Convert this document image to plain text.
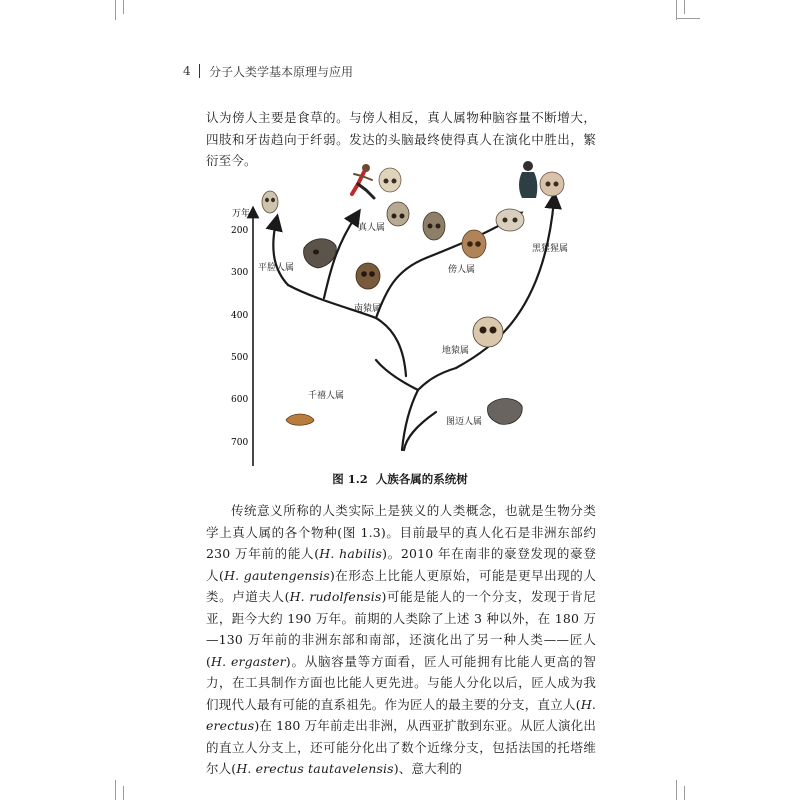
4 分子人类学基本原理与应用

认为傍人主要是食草的。与傍人相反，真人属物种脑容量不断增大，四肢和牙齿趋向于纤弱。发达的头脑最终使得真人在演化中胜出，繁衍至今。

万年
200
300
400
500
600
700
真人属
平脸人属	傍人属
南猿属
黑猩猩属
地猿属
千禧人属
图迈人属
图 1.2 人族各属的系统树

传统意义所称的人类实际上是狭义的人类概念，也就是生物分类学上真人属的各个物种(图 1.3)。目前最早的真人化石是非洲东部约 230 万年前的能人(H. habilis)。2010 年在南非的豪登发现的豪登人(H. gautengensis)在形态上比能人更原始，可能是更早出现的人类。卢道夫人(H. rudolfensis)可能是能人的一个分支，发现于肯尼亚，距今大约 190 万年。前期的人类除了上述 3 种以外，在 180 万—130 万年前的非洲东部和南部，还演化出了另一种人类——匠人(H. ergaster)。从脑容量等方面看，匠人可能拥有比能人更高的智力，在工具制作方面也比能人更先进。与能人分化以后，匠人成为我们现代人最有可能的直系祖先。作为匠人的最主要的分支，直立人(H. erectus)在 180 万年前走出非洲，从西亚扩散到东亚。从匠人演化出的直立人分支上，还可能分化出了数个近缘分支，包括法国的托塔维尔人(H. erectus tautavelensis)、意大利的
